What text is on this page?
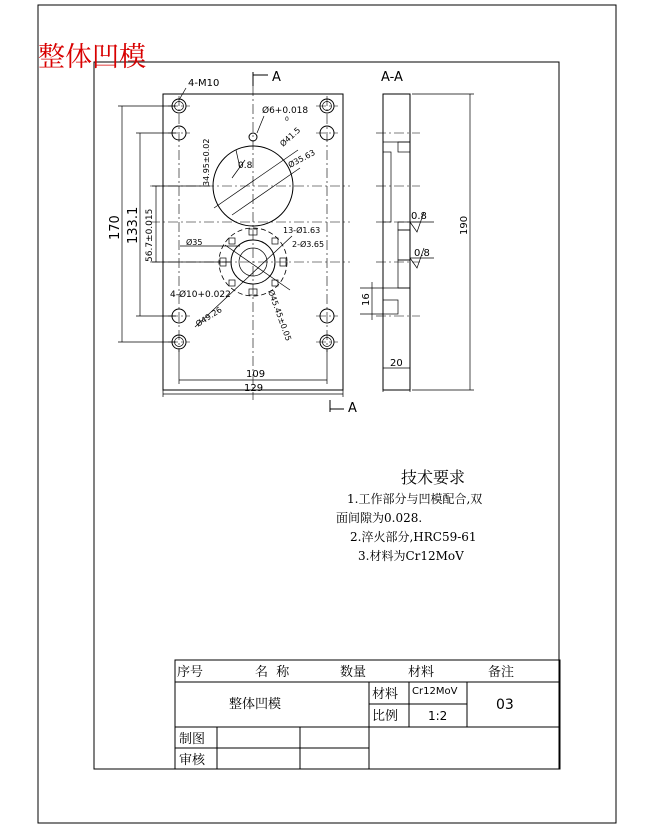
整体凹模
A
A
4-M10
Ø6+0.018
0
0.8
Ø41.5
Ø35.63
34.95±0.02
56.7±0.015	Ø35
13-Ø1.63
2-Ø3.65
4-Ø10+0.022
Ø49.26	Ø45.45±0.05
109
129
170 133.1
A-A
0.8
0.8
190
20
16
技术要求
1.工作部分与凹模配合,双
面间隙为0.028.
2.淬火部分,HRC59-61
3.材料为Cr12MoV
序号	名  称	数量	材料	备注
整体凹模
材料 Cr12MoV
比例 1:2
03
制图
审核
